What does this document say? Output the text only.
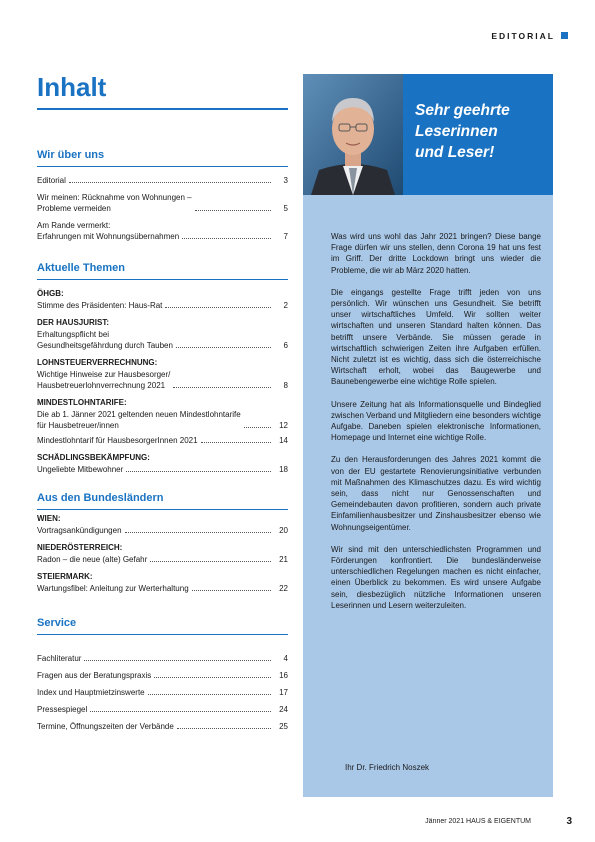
EDITORIAL
Inhalt
Wir über uns
Editorial	3
Wir meinen: Rücknahme von Wohnungen –
Probleme vermeiden	5
Am Rande vermerkt:
Erfahrungen mit Wohnungsübernahmen	7
Aktuelle Themen
ÖHGB:
Stimme des Präsidenten: Haus-Rat	2
DER HAUSJURIST:
Erhaltungspflicht bei
Gesundheitsgefährdung durch Tauben	6
LOHNSTEUERVERRECHNUNG:
Wichtige Hinweise zur Hausbesorger/
Hausbetreuerlohnverrechnung 2021	8
MINDESTLOHNTARIFE:
Die ab 1. Jänner 2021 geltenden neuen Mindestlohntarife
für Hausbetreuer/innen	12
Mindestlohntarif für HausbesorgerInnen 2021	14
SCHÄDLINGSBEKÄMPFUNG:
Ungeliebte Mitbewohner	18
Aus den Bundesländern
WIEN:
Vortragsankündigungen	20
NIEDERÖSTERREICH:
Radon – die neue (alte) Gefahr	21
STEIERMARK:
Wartungsfibel: Anleitung zur Werterhaltung	22
Service
Fachliteratur	4
Fragen aus der Beratungspraxis	16
Index und Hauptmietzinswerte	17
Pressespiegel	24
Termine, Öffnungszeiten der Verbände	25
Sehr geehrte
Leserinnen
und Leser!

Was wird uns wohl das Jahr 2021 bringen? Diese bange Frage dürfen wir uns stellen, denn Corona 19 hat uns fest im Griff. Der dritte Lockdown bringt uns wieder die Probleme, die wir ab März 2020 hatten.

Die eingangs gestellte Frage trifft jeden von uns persönlich. Wir wünschen uns Gesundheit. Sie betrifft unser wirtschaftliches Umfeld. Wir sollten weiter wirtschaften und unseren Standard halten können. Das betrifft unsere Verbände. Sie müssen gerade in wirtschaftlich schwierigen Zeiten ihre Aufgaben erfüllen. Nicht zuletzt ist es wichtig, dass sich die österreichische Wirtschaft erholt, wobei das Baugewerbe und Baunebengewerbe eine wichtige Rolle spielen.

Unsere Zeitung hat als Informationsquelle und Bindeglied zwischen Verband und Mitgliedern eine besonders wichtige Aufgabe. Daneben spielen elektronische Informationen, Homepage und Internet eine wichtige Rolle.

Zu den Herausforderungen des Jahres 2021 kommt die von der EU gestartete Renovierungsinitiative verbunden mit Maßnahmen des Klimaschutzes dazu. Es wird wichtig sein, dass nicht nur Genossenschaften und Gemeindebauten davon profitieren, sondern auch private Einfamilienhausbesitzer und Zinshausbesitzer ebenso wie Wohnungseigentümer.

Wir sind mit den unterschiedlichsten Programmen und Förderungen konfrontiert. Die bundesländerweise unterschiedlichen Regelungen machen es nicht einfacher, einen Überblick zu bekommen. Es wird unsere Aufgabe sein, diesbezüglich nützliche Informationen unseren Leserinnen und Lesern weiterzuleiten.

Ihr Dr. Friedrich Noszek
Jänner 2021 HAUS & EIGENTUM	3
